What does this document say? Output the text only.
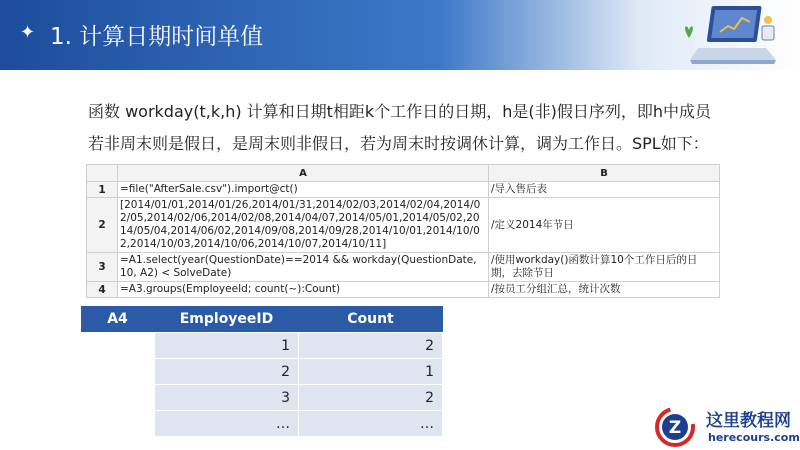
✦ 1. 计算日期时间单值

函数 workday(t,k,h) 计算和日期t相距k个工作日的日期，h是(非)假日序列，即h中成员

若非周末则是假日，是周末则非假日，若为周末时按调休计算，调为工作日。SPL如下：

	A	B
1	=file("AfterSale.csv").import@ct()	/导入售后表
2	[2014/01/01,2014/01/26,2014/01/31,2014/02/03,2014/02/04,2014/02/05,2014/02/06,2014/02/08,2014/04/07,2014/05/01,2014/05/02,2014/05/04,2014/06/02,2014/09/08,2014/09/28,2014/10/01,2014/10/02,2014/10/03,2014/10/06,2014/10/07,2014/10/11]	/定义2014年节日
3	=A1.select(year(QuestionDate)==2014 && workday(QuestionDate, 10, A2) < SolveDate)	/使用workday()函数计算10个工作日后的日期，去除节日
4	=A3.groups(EmployeeId; count(~):Count)	/按员工分组汇总，统计次数
A4	EmployeeID	Count
	1	2
	2	1
	3	2
	…	…	Z 这里教程网
herecours.com
